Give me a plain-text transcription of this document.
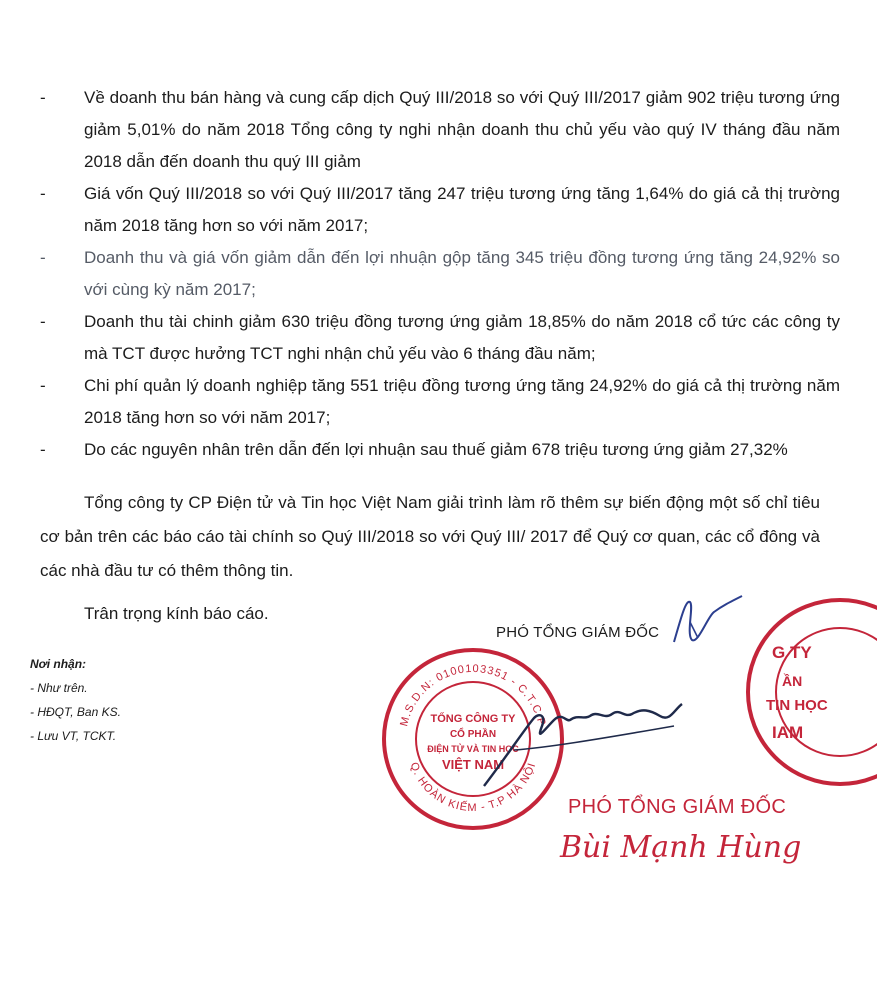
-	Về doanh thu bán hàng và cung cấp dịch Quý III/2018 so với Quý III/2017 giảm 902 triệu tương ứng giảm 5,01% do năm 2018 Tổng công ty nghi nhận doanh thu chủ yếu vào quý IV tháng đầu năm 2018 dẫn đến doanh thu quý III giảm
-	Giá vốn Quý III/2018 so với Quý III/2017 tăng 247 triệu tương ứng tăng 1,64% do giá cả thị trường năm 2018 tăng hơn so với năm 2017;
-	Doanh thu và giá vốn giảm dẫn đến lợi nhuận gộp tăng 345 triệu đồng tương ứng tăng 24,92% so với cùng kỳ năm 2017;
-	Doanh thu tài chinh giảm 630 triệu đồng tương ứng giảm 18,85% do năm 2018 cổ tức các công ty mà TCT được hưởng TCT nghi nhận chủ yếu vào 6 tháng đầu năm;
-	Chi phí quản lý doanh nghiệp tăng 551 triệu đồng tương ứng tăng 24,92% do giá cả thị trường năm 2018 tăng hơn so với năm 2017;
-	Do các nguyên nhân trên dẫn đến lợi nhuận sau thuế giảm 678 triệu tương ứng giảm 27,32%
Tổng công ty CP Điện tử và Tin học Việt Nam giải trình làm rõ thêm sự biến động một số chỉ tiêu cơ bản trên các báo cáo tài chính so Quý III/2018 so với Quý III/ 2017 để Quý cơ quan, các cổ đông và các nhà đầu tư có thêm thông tin.
Trân trọng kính báo cáo.
PHÓ TỔNG GIÁM ĐỐC
Nơi nhận:
- Như trên.
- HĐQT, Ban KS.
- Lưu VT, TCKT.
G TY
ẦN
TIN HỌC
IAM
M.S.D.N: 0100103351 - C.T.C.P
Q. HOÀN KIẾM - T.P HÀ NỘI
TỔNG CÔNG TY
CỔ PHẦN
ĐIỆN TỬ VÀ TIN HỌC
VIỆT NAM
PHÓ TỔNG GIÁM ĐỐC
Bùi Mạnh Hùng
